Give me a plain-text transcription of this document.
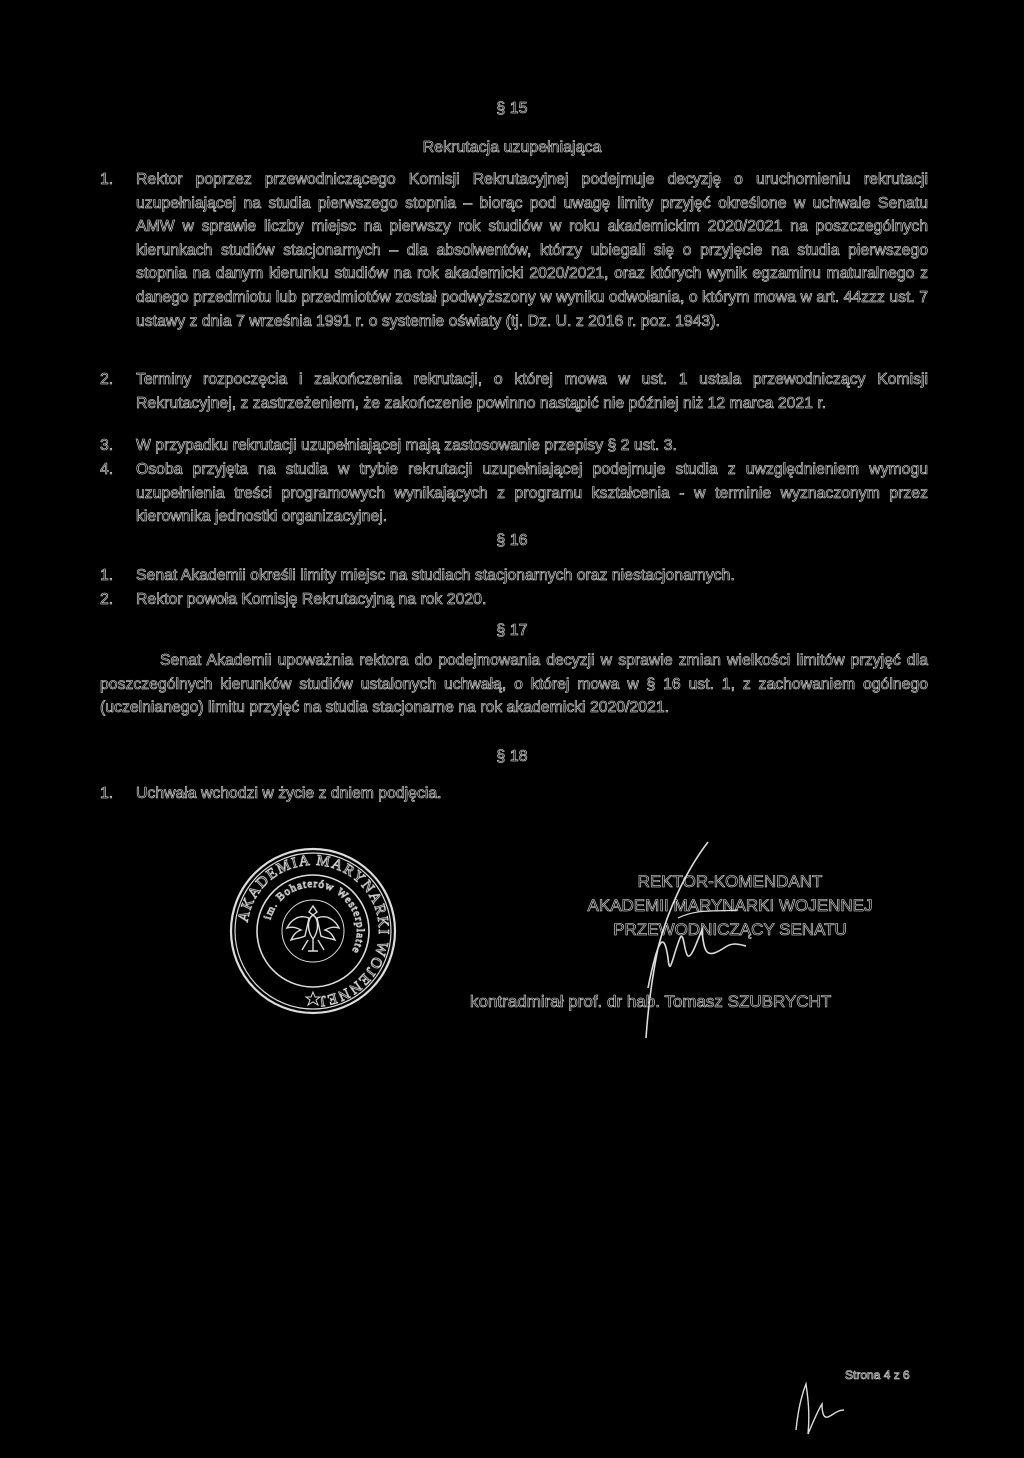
§ 15
Rekrutacja uzupełniająca
1. Rektor poprzez przewodniczącego Komisji Rekrutacyjnej podejmuje decyzję o uruchomieniu rekrutacji uzupełniającej na studia pierwszego stopnia – biorąc pod uwagę limity przyjęć określone w uchwale Senatu AMW w sprawie liczby miejsc na pierwszy rok studiów w roku akademickim 2020/2021 na poszczególnych kierunkach studiów stacjonarnych – dla absolwentów, którzy ubiegali się o przyjęcie na studia pierwszego stopnia na danym kierunku studiów na rok akademicki 2020/2021, oraz których wynik egzaminu maturalnego z danego przedmiotu lub przedmiotów został podwyższony w wyniku odwołania, o którym mowa w art. 44zzz ust. 7 ustawy z dnia 7 września 1991 r. o systemie oświaty (tj. Dz. U. z 2016 r. poz. 1943).
2. Terminy rozpoczęcia i zakończenia rekrutacji, o której mowa w ust. 1 ustala przewodniczący Komisji Rekrutacyjnej, z zastrzeżeniem, że zakończenie powinno nastąpić nie później niż 12 marca 2021 r.
3. W przypadku rekrutacji uzupełniającej mają zastosowanie przepisy § 2 ust. 3.
4. Osoba przyjęta na studia w trybie rekrutacji uzupełniającej podejmuje studia z uwzględnieniem wymogu uzupełnienia treści programowych wynikających z programu kształcenia - w terminie wyznaczonym przez kierownika jednostki organizacyjnej.
§ 16
1. Senat Akademii określi limity miejsc na studiach stacjonarnych oraz niestacjonarnych.
2. Rektor powoła Komisję Rekrutacyjną na rok 2020.
§ 17
Senat Akademii upoważnia rektora do podejmowania decyzji w sprawie zmian wielkości limitów przyjęć dla poszczególnych kierunków studiów ustalonych uchwałą, o której mowa w § 16 ust. 1, z zachowaniem ogólnego (uczelnianego) limitu przyjęć na studia stacjonarne na rok akademicki 2020/2021.
§ 18
1. Uchwała wchodzi w życie z dniem podjęcia.
AKADEMIA MARYNARKI WOJENNEJ
im. Bohaterów Westerplatte
REKTOR-KOMENDANT
AKADEMII MARYNARKI WOJENNEJ
PRZEWODNICZĄCY SENATU
kontradmirał prof. dr hab. Tomasz SZUBRYCHT
Strona 4 z 6
